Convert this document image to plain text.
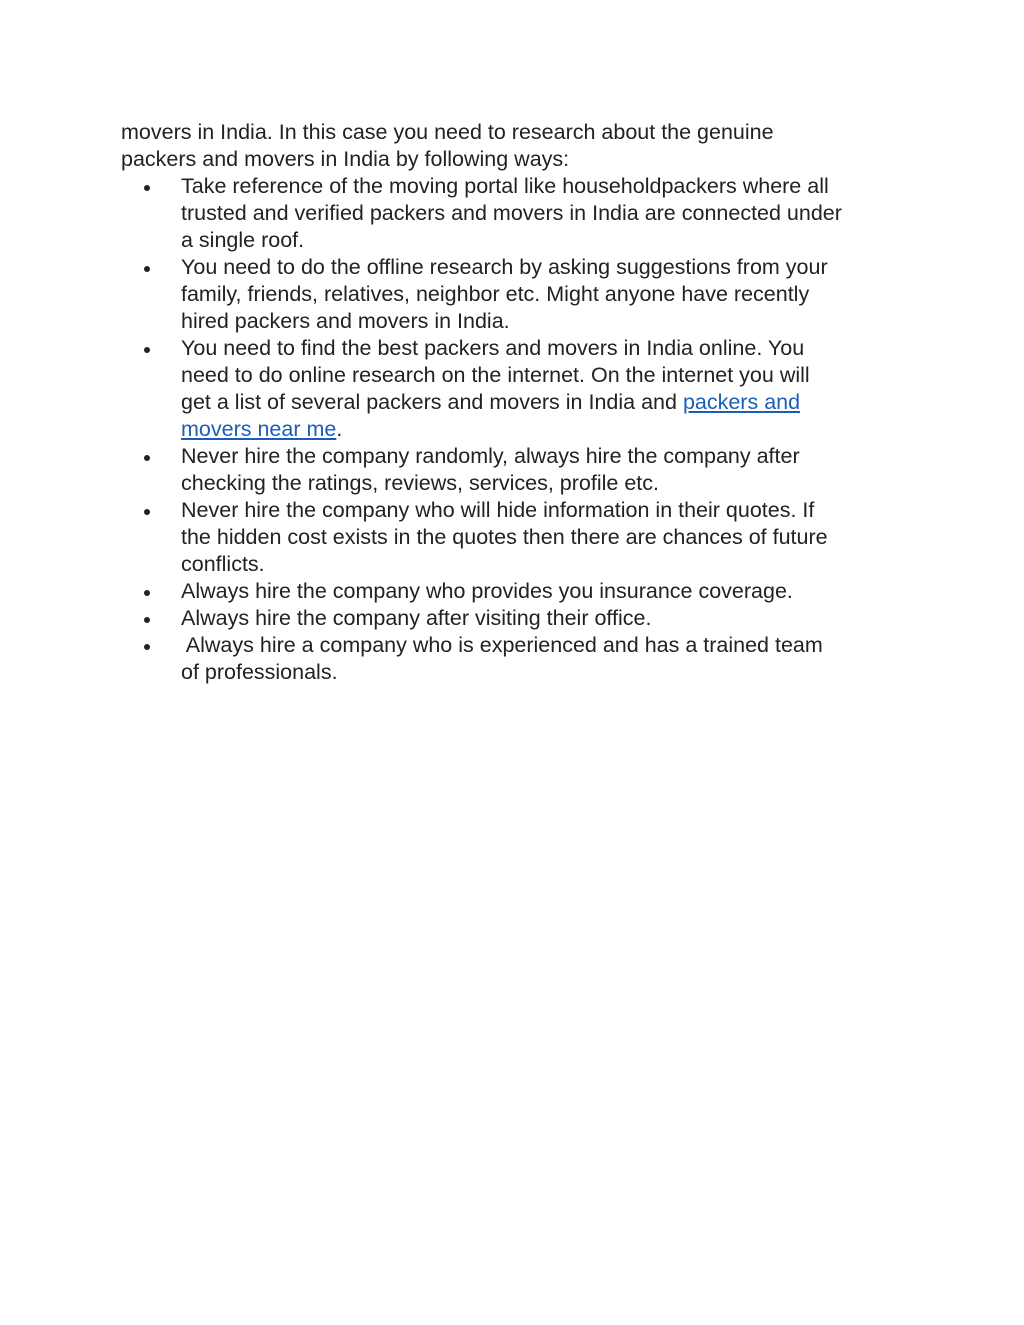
movers in India. In this case you need to research about the genuine
packers and movers in India by following ways:

Take reference of the moving portal like householdpackers where all
trusted and verified packers and movers in India are connected under
a single roof.
You need to do the offline research by asking suggestions from your
family, friends, relatives, neighbor etc. Might anyone have recently
hired packers and movers in India.
You need to find the best packers and movers in India online. You
need to do online research on the internet. On the internet you will
get a list of several packers and movers in India and packers and
movers near me.
Never hire the company randomly, always hire the company after
checking the ratings, reviews, services, profile etc.
Never hire the company who will hide information in their quotes. If
the hidden cost exists in the quotes then there are chances of future
conflicts.
Always hire the company who provides you insurance coverage.
Always hire the company after visiting their office.
Always hire a company who is experienced and has a trained team
of professionals.
